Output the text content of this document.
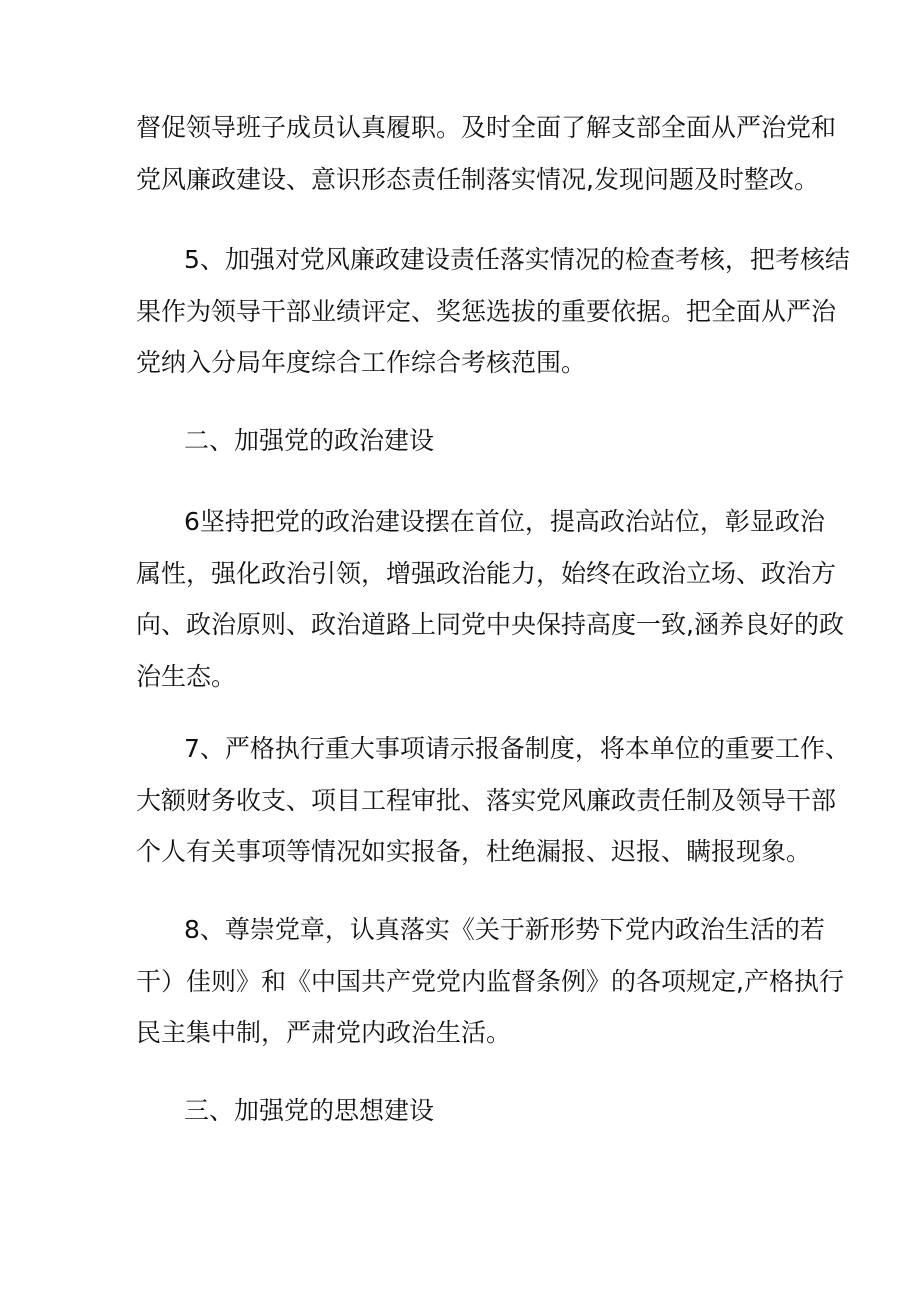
督促领导班子成员认真履职。及时全面了解支部全面从严治党和
党风廉政建设、意识形态责任制落实情况,发现问题及时整改。
5、加强对党风廉政建设责任落实情况的检查考核，把考核结
果作为领导干部业绩评定、奖惩选拔的重要依据。把全面从严治
党纳入分局年度综合工作综合考核范围。
二、加强党的政治建设
6坚持把党的政治建设摆在首位，提高政治站位，彰显政治
属性，强化政治引领，增强政治能力，始终在政治立场、政治方
向、政治原则、政治道路上同党中央保持高度一致,涵养良好的政
治生态。
7、严格执行重大事项请示报备制度，将本单位的重要工作、
大额财务收支、项目工程审批、落实党风廉政责任制及领导干部
个人有关事项等情况如实报备，杜绝漏报、迟报、瞒报现象。
8、尊崇党章，认真落实《关于新形势下党内政治生活的若
干）佳则》和《中国共产党党内监督条例》的各项规定,产格执行
民主集中制，严肃党内政治生活。
三、加强党的思想建设
